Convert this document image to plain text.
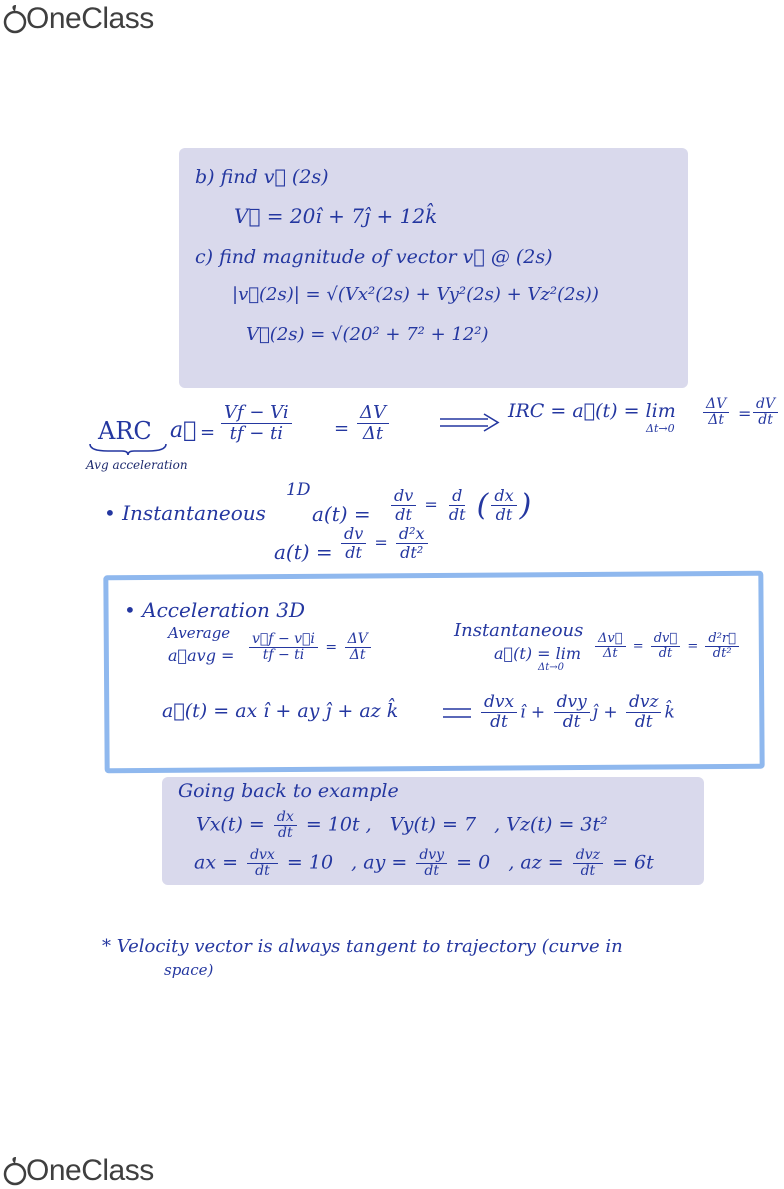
OneClass
b) find v⃗ (2s)
V⃗ = 20î + 7ĵ + 12k̂
c) find magnitude of vector v⃗ @ (2s)
|v⃗(2s)| = √(Vx²(2s) + Vy²(2s) + Vz²(2s))
V⃗(2s) = √(20² + 7² + 12²)
ARC a⃗ = $\frac{Vf - Vi}{tf - ti} = \frac{\Delta V}{\Delta t}$	IRC = a⃗(t) = lim
Δt→0
$\frac{\Delta V}{\Delta t} = \frac{dV}{dt}$
Avg acceleration
1D
• Instantaneous $a(t) = \frac{dv}{dt} = \frac{d}{dt}$ ( $\frac{dx}{dt}$ )
$a(t) = \frac{dv}{dt} = \frac{\text{d²x}}{\text{dt²}}$
• Acceleration 3D
Average
a⃗avg = $\frac{v⃗f - v⃗i}{tf - ti} = \frac{\Delta V}{\Delta t}$
Instantaneous
a⃗(t) = lim
Δt→0
$\frac{\Delta v⃗}{\Delta t} = \frac{dv⃗}{dt} = \frac{\text{d²r⃗}}{\text{dt²}}$
a⃗(t) = ax î + ay ĵ + az k̂	$\frac{\text{dvx}}{dt}$ î + $\frac{\text{dvy}}{dt}$ ĵ + $\frac{\text{dvz}}{dt}$ k̂
Going back to example
$Vx(t) = \frac{dx}{dt} = 10t$ , Vy(t) = 7 , Vz(t) = 3t²
ax = $\frac{\text{dvx}}{dt} = 10$ , ay = $\frac{\text{dvy}}{dt} = 0$ , az = $\frac{\text{dvz}}{dt} = 6t$
* Velocity vector is always tangent to trajectory (curve in
space)
OneClass
